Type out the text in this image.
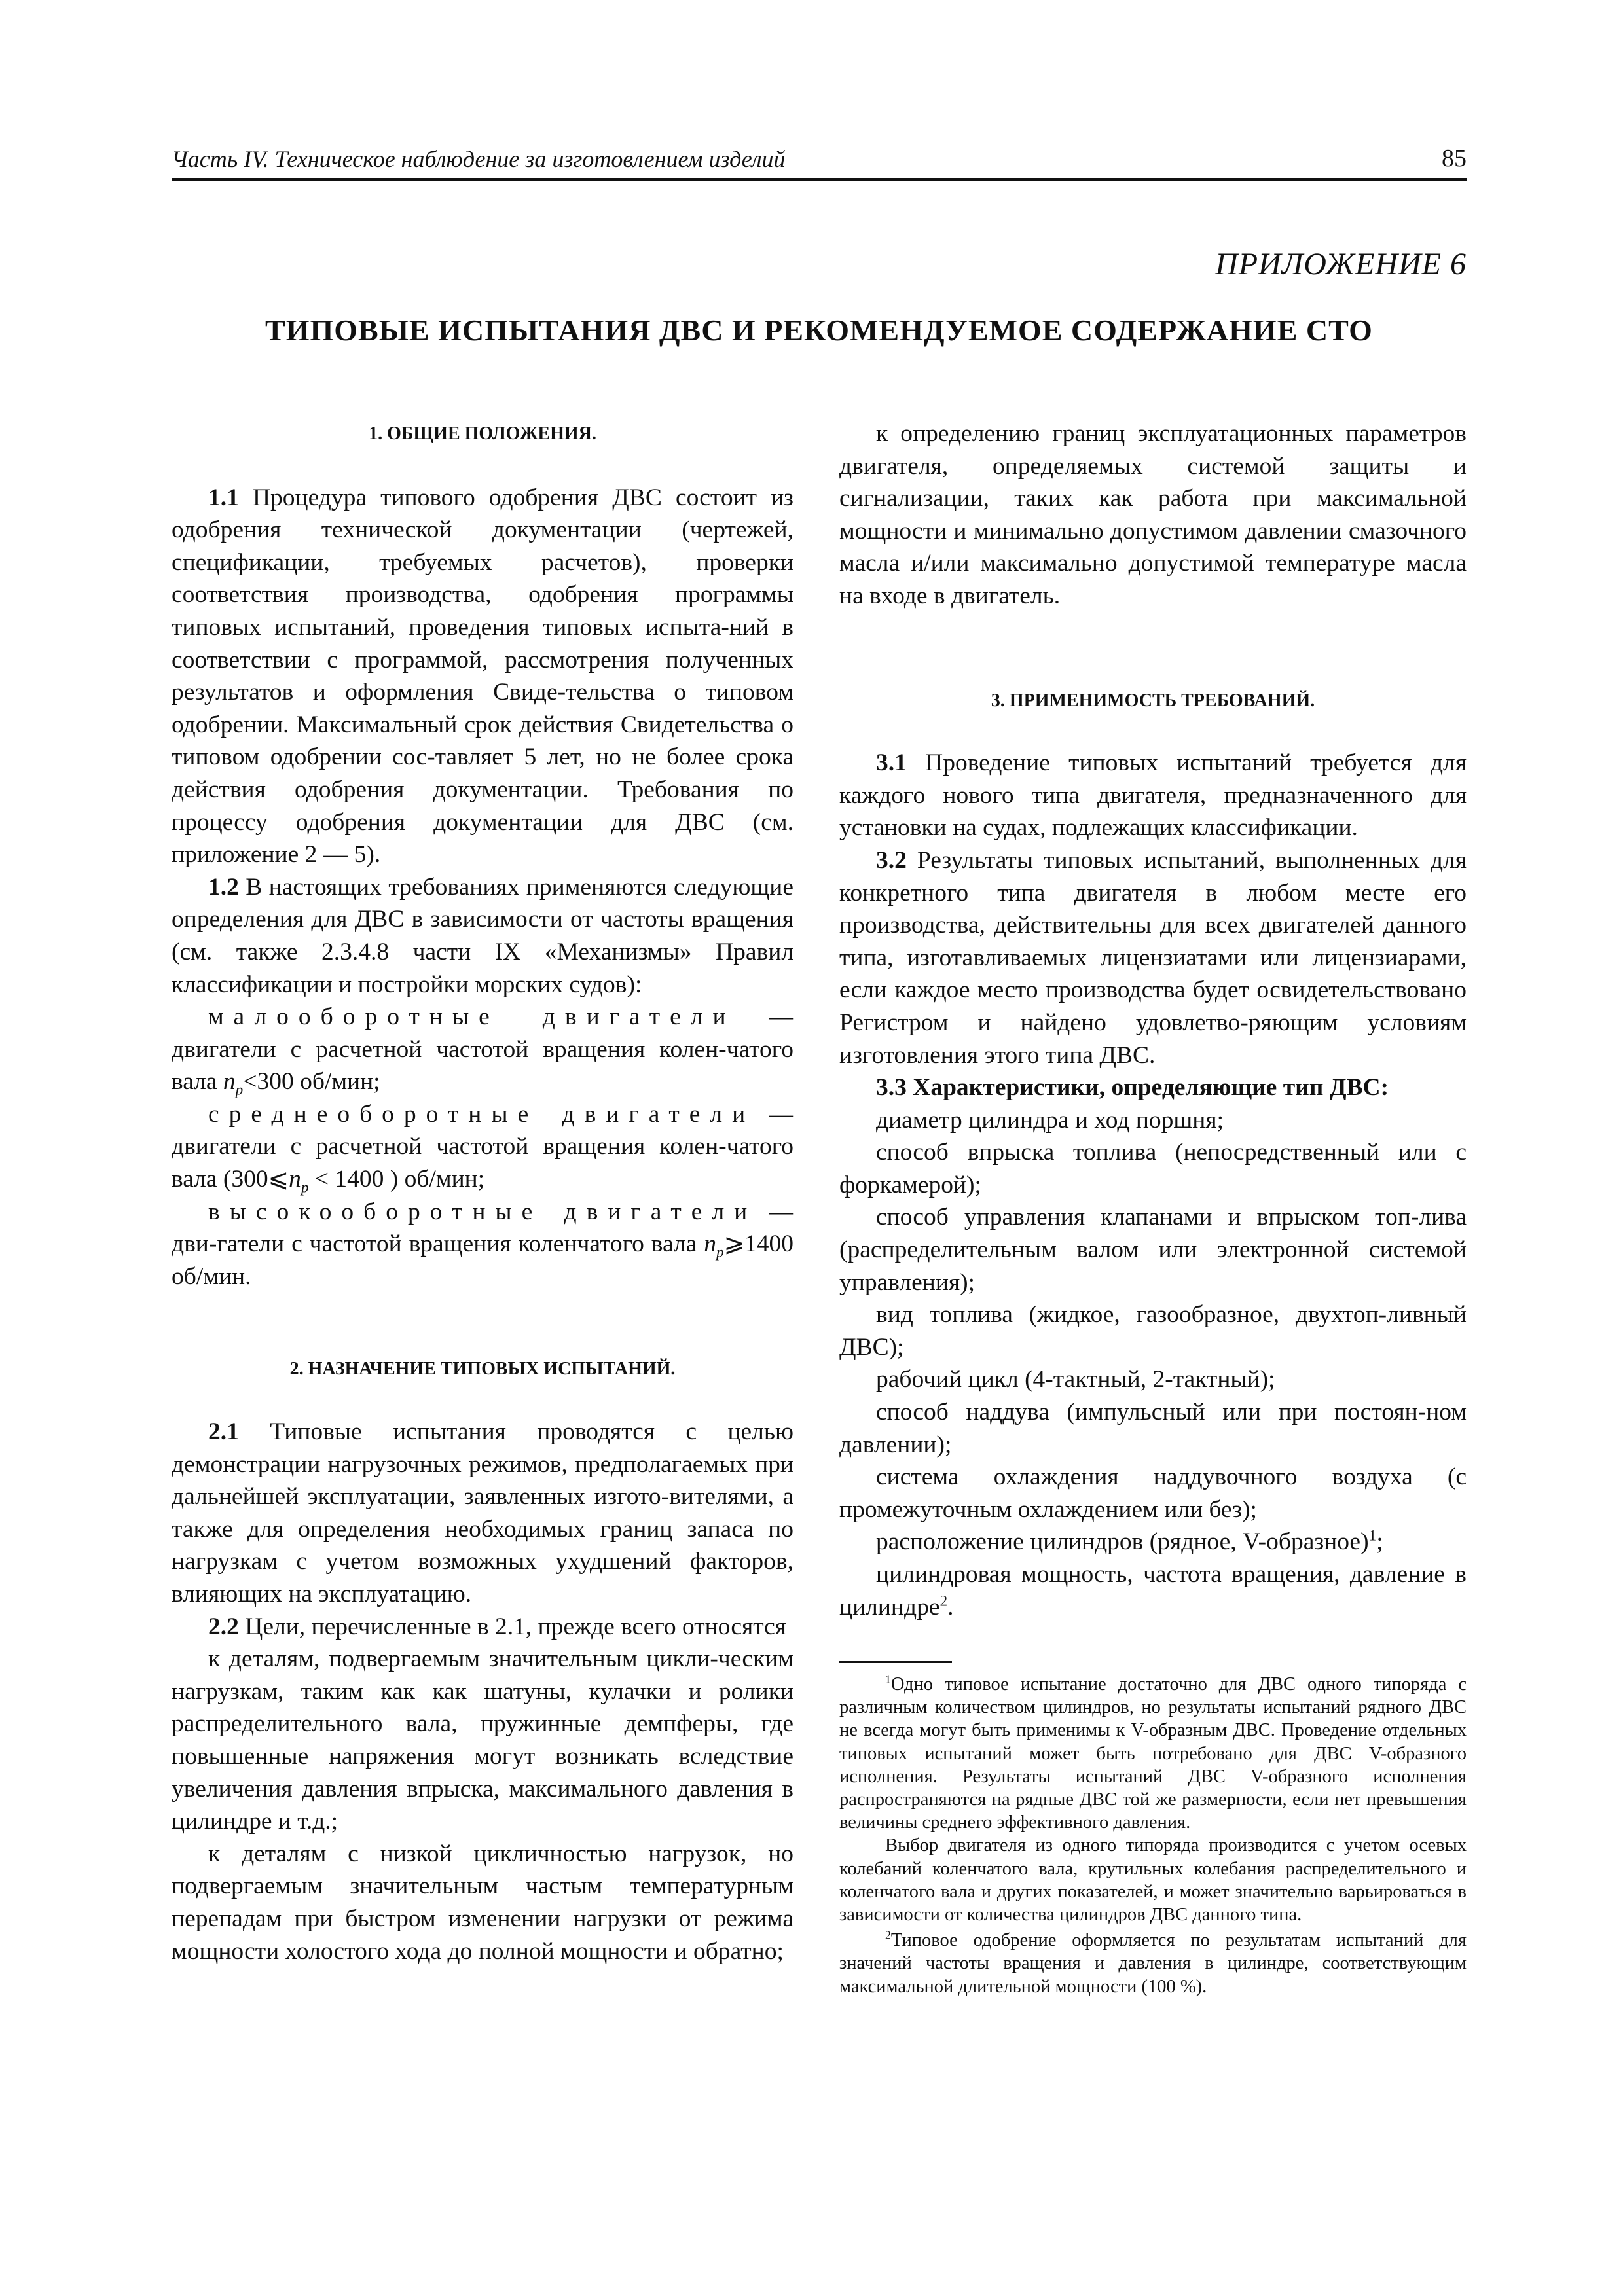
Часть IV. Техническое наблюдение за изготовлением изделий	85
ПРИЛОЖЕНИЕ 6
ТИПОВЫЕ ИСПЫТАНИЯ ДВС И РЕКОМЕНДУЕМОЕ СОДЕРЖАНИЕ СТО
1. ОБЩИЕ ПОЛОЖЕНИЯ.

1.1 Процедура типового одобрения ДВС состоит из одобрения технической документации (чертежей, спецификации, требуемых расчетов), проверки соответствия производства, одобрения программы типовых испытаний, проведения типовых испыта-ний в соответствии с программой, рассмотрения полученных результатов и оформления Свиде-тельства о типовом одобрении. Максимальный срок действия Свидетельства о типовом одобрении сос-тавляет 5 лет, но не более срока действия одобрения документации. Требования по процессу одобрения документации для ДВС (см. приложение 2 — 5).

1.2 В настоящих требованиях применяются следующие определения для ДВС в зависимости от частоты вращения (см. также 2.3.4.8 части IX «Механизмы» Правил классификации и постройки морских судов):

малооборотные двигатели — двигатели с расчетной частотой вращения колен-чатого вала $n_p<300$ об/мин;

среднеоборотные двигатели — двигатели с расчетной частотой вращения колен-чатого вала ($300⩽n_p < 1400$ ) об/мин;

высокооборотные двигатели — дви-гатели с частотой вращения коленчатого вала $n_p⩾1400$ об/мин.

2. НАЗНАЧЕНИЕ ТИПОВЫХ ИСПЫТАНИЙ.

2.1 Типовые испытания проводятся с целью демонстрации нагрузочных режимов, предполагаемых при дальнейшей эксплуатации, заявленных изгото-вителями, а также для определения необходимых границ запаса по нагрузкам с учетом возможных ухудшений факторов, влияющих на эксплуатацию.

2.2 Цели, перечисленные в 2.1, прежде всего относятся

к деталям, подвергаемым значительным цикли-ческим нагрузкам, таким как как шатуны, кулачки и ролики распределительного вала, пружинные демпферы, где повышенные напряжения могут возникать вследствие увеличения давления впрыска, максимального давления в цилиндре и т.д.;

к деталям с низкой цикличностью нагрузок, но подвергаемым значительным частым температурным перепадам при быстром изменении нагрузки от режима мощности холостого хода до полной мощности и обратно;

к определению границ эксплуатационных параметров двигателя, определяемых системой защиты и сигнализации, таких как работа при максимальной мощности и минимально допустимом давлении смазочного масла и/или максимально допустимой температуре масла на входе в двигатель.

3. ПРИМЕНИМОСТЬ ТРЕБОВАНИЙ.

3.1 Проведение типовых испытаний требуется для каждого нового типа двигателя, предназначенного для установки на судах, подлежащих классификации.

3.2 Результаты типовых испытаний, выполненных для конкретного типа двигателя в любом месте его производства, действительны для всех двигателей данного типа, изготавливаемых лицензиатами или лицензиарами, если каждое место производства будет освидетельствовано Регистром и найдено удовлетво-ряющим условиям изготовления этого типа ДВС.

3.3 Характеристики, определяющие тип ДВС:

диаметр цилиндра и ход поршня;

способ впрыска топлива (непосредственный или с форкамерой);

способ управления клапанами и впрыском топ-лива (распределительным валом или электронной системой управления);

вид топлива (жидкое, газообразное, двухтоп-ливный ДВС);

рабочий цикл (4-тактный, 2-тактный);

способ наддува (импульсный или при постоян-ном давлении);

система охлаждения наддувочного воздуха (с промежуточным охлаждением или без);

расположение цилиндров (рядное, V-образное)$^1$;

цилиндровая мощность, частота вращения, давление в цилиндре$^2$.

$^1$Одно типовое испытание достаточно для ДВС одного типоряда с различным количеством цилиндров, но результаты испытаний рядного ДВС не всегда могут быть применимы к V-образным ДВС. Проведение отдельных типовых испытаний может быть потребовано для ДВС V-образного исполнения. Результаты испытаний ДВС V-образного исполнения распространяются на рядные ДВС той же размерности, если нет превышения величины среднего эффективного давления.

Выбор двигателя из одного типоряда производится с учетом осевых колебаний коленчатого вала, крутильных колебания распределительного и коленчатого вала и других показателей, и может значительно варьироваться в зависимости от количества цилиндров ДВС данного типа.

$^2$Типовое одобрение оформляется по результатам испытаний для значений частоты вращения и давления в цилиндре, соответствующим максимальной длительной мощности (100 %).
